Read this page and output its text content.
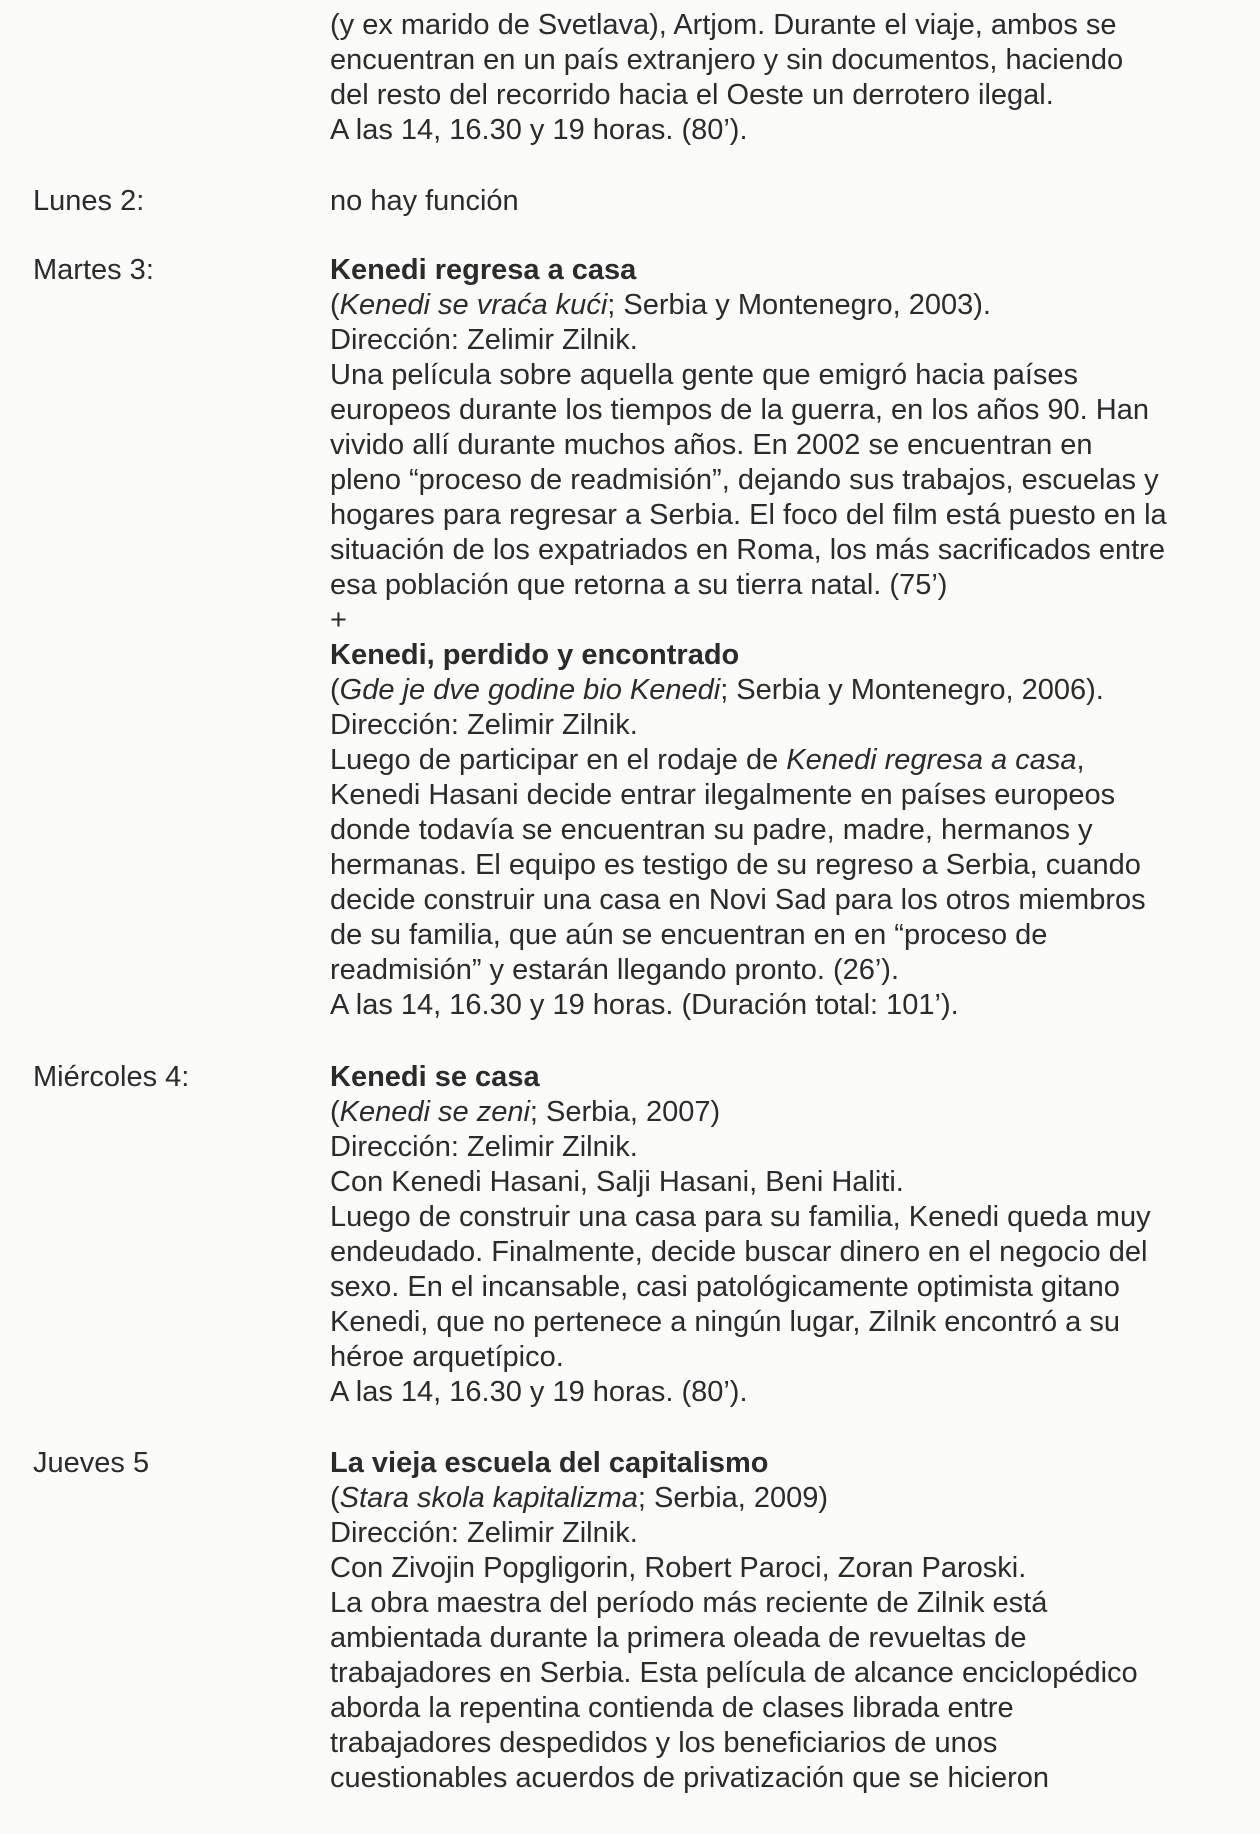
(y ex marido de Svetlava), Artjom. Durante el viaje, ambos se
encuentran en un país extranjero y sin documentos, haciendo
del resto del recorrido hacia el Oeste un derrotero ilegal.
A las 14, 16.30 y 19 horas. (80’).
Lunes 2:	no hay función
Martes 3:	Kenedi regresa a casa
(Kenedi se vraća kući; Serbia y Montenegro, 2003).
Dirección: Zelimir Zilnik.
Una película sobre aquella gente que emigró hacia países
europeos durante los tiempos de la guerra, en los años 90. Han
vivido allí durante muchos años. En 2002 se encuentran en
pleno “proceso de readmisión”, dejando sus trabajos, escuelas y
hogares para regresar a Serbia. El foco del film está puesto en la
situación de los expatriados en Roma, los más sacrificados entre
esa población que retorna a su tierra natal. (75’)
+
Kenedi, perdido y encontrado
(Gde je dve godine bio Kenedi; Serbia y Montenegro, 2006).
Dirección: Zelimir Zilnik.
Luego de participar en el rodaje de Kenedi regresa a casa,
Kenedi Hasani decide entrar ilegalmente en países europeos
donde todavía se encuentran su padre, madre, hermanos y
hermanas. El equipo es testigo de su regreso a Serbia, cuando
decide construir una casa en Novi Sad para los otros miembros
de su familia, que aún se encuentran en en “proceso de
readmisión” y estarán llegando pronto. (26’).
A las 14, 16.30 y 19 horas. (Duración total: 101’).
Miércoles 4:	Kenedi se casa
(Kenedi se zeni; Serbia, 2007)
Dirección: Zelimir Zilnik.
Con Kenedi Hasani, Salji Hasani, Beni Haliti.
Luego de construir una casa para su familia, Kenedi queda muy
endeudado. Finalmente, decide buscar dinero en el negocio del
sexo. En el incansable, casi patológicamente optimista gitano
Kenedi, que no pertenece a ningún lugar, Zilnik encontró a su
héroe arquetípico.
A las 14, 16.30 y 19 horas. (80’).
Jueves 5	La vieja escuela del capitalismo
(Stara skola kapitalizma; Serbia, 2009)
Dirección: Zelimir Zilnik.
Con Zivojin Popgligorin, Robert Paroci, Zoran Paroski.
La obra maestra del período más reciente de Zilnik está
ambientada durante la primera oleada de revueltas de
trabajadores en Serbia. Esta película de alcance enciclopédico
aborda la repentina contienda de clases librada entre
trabajadores despedidos y los beneficiarios de unos
cuestionables acuerdos de privatización que se hicieron
